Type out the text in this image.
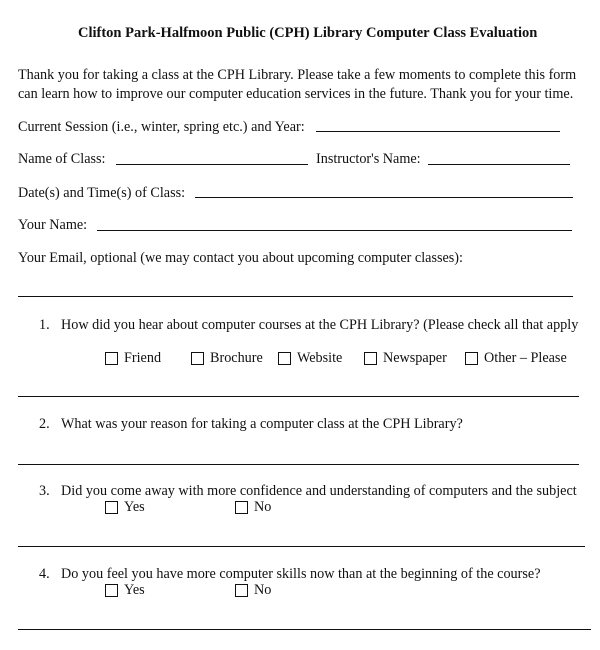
Clifton Park-Halfmoon Public (CPH) Library Computer Class Evaluation
Thank you for taking a class at the CPH Library. Please take a few moments to complete this form
can learn how to improve our computer education services in the future. Thank you for your time.
Current Session (i.e., winter, spring etc.) and Year:
Name of Class:	Instructor's Name:
Date(s) and Time(s) of Class:
Your Name:
Your Email, optional (we may contact you about upcoming computer classes):
1. How did you hear about computer courses at the CPH Library? (Please check all that apply
Friend	Brochure Website	Newspaper	Other – Please
2. What was your reason for taking a computer class at the CPH Library?
3. Did you come away with more confidence and understanding of computers and the subject
Yes	No
4. Do you feel you have more computer skills now than at the beginning of the course?
Yes	No
